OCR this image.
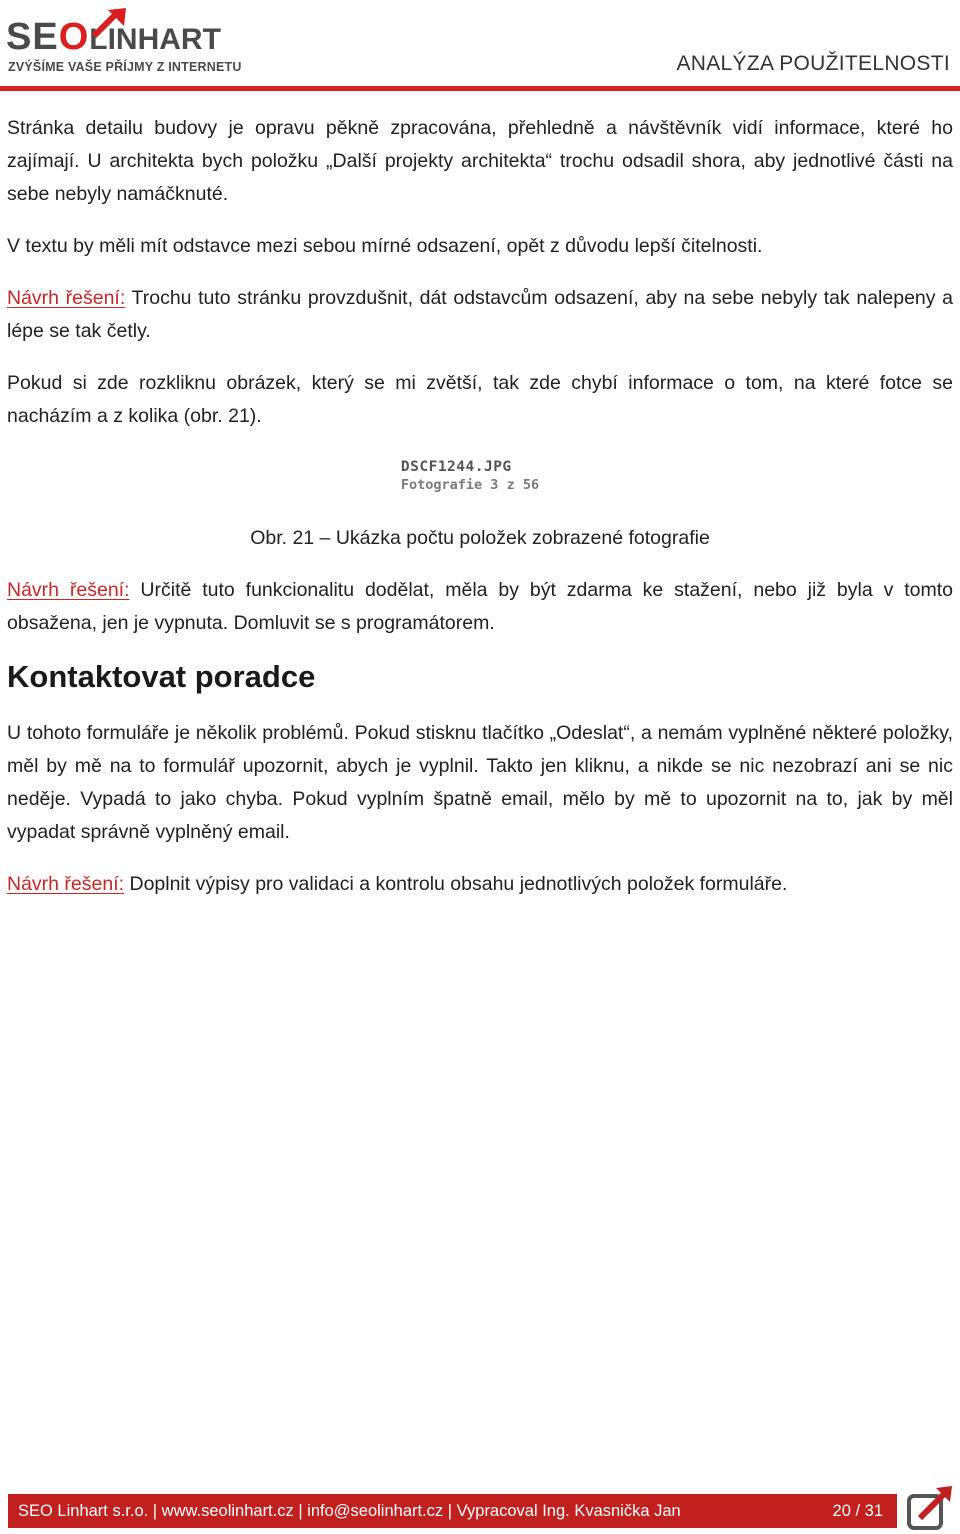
SEOLINHART
ZVÝŠÍME VAŠE PŘÍJMY Z INTERNETU	ANALÝZA POUŽITELNOSTI

Stránka detailu budovy je opravu pěkně zpracována, přehledně a návštěvník vidí informace, které ho zajímají. U architekta bych položku „Další projekty architekta“ trochu odsadil shora, aby jednotlivé části na sebe nebyly namáčknuté.

V textu by měli mít odstavce mezi sebou mírné odsazení, opět z důvodu lepší čitelnosti.

Návrh řešení: Trochu tuto stránku provzdušnit, dát odstavcům odsazení, aby na sebe nebyly tak nalepeny a lépe se tak četly.

Pokud si zde rozkliknu obrázek, který se mi zvětší, tak zde chybí informace o tom, na které fotce se nacházím a z kolika (obr. 21).

DSCF1244.JPG
Fotografie 3 z 56
Obr. 21 – Ukázka počtu položek zobrazené fotografie

Návrh řešení: Určitě tuto funkcionalitu dodělat, měla by být zdarma ke stažení, nebo již byla v tomto obsažena, jen je vypnuta. Domluvit se s programátorem.

Kontaktovat poradce

U tohoto formuláře je několik problémů. Pokud stisknu tlačítko „Odeslat“, a nemám vyplněné některé položky, měl by mě na to formulář upozornit, abych je vyplnil. Takto jen kliknu, a nikde se nic nezobrazí ani se nic neděje. Vypadá to jako chyba. Pokud vyplním špatně email, mělo by mě to upozornit na to, jak by měl vypadat správně vyplněný email.

Návrh řešení: Doplnit výpisy pro validaci a kontrolu obsahu jednotlivých položek formuláře.

SEO Linhart s.r.o. | www.seolinhart.cz | info@seolinhart.cz | Vypracoval Ing. Kvasnička Jan	20 / 31
